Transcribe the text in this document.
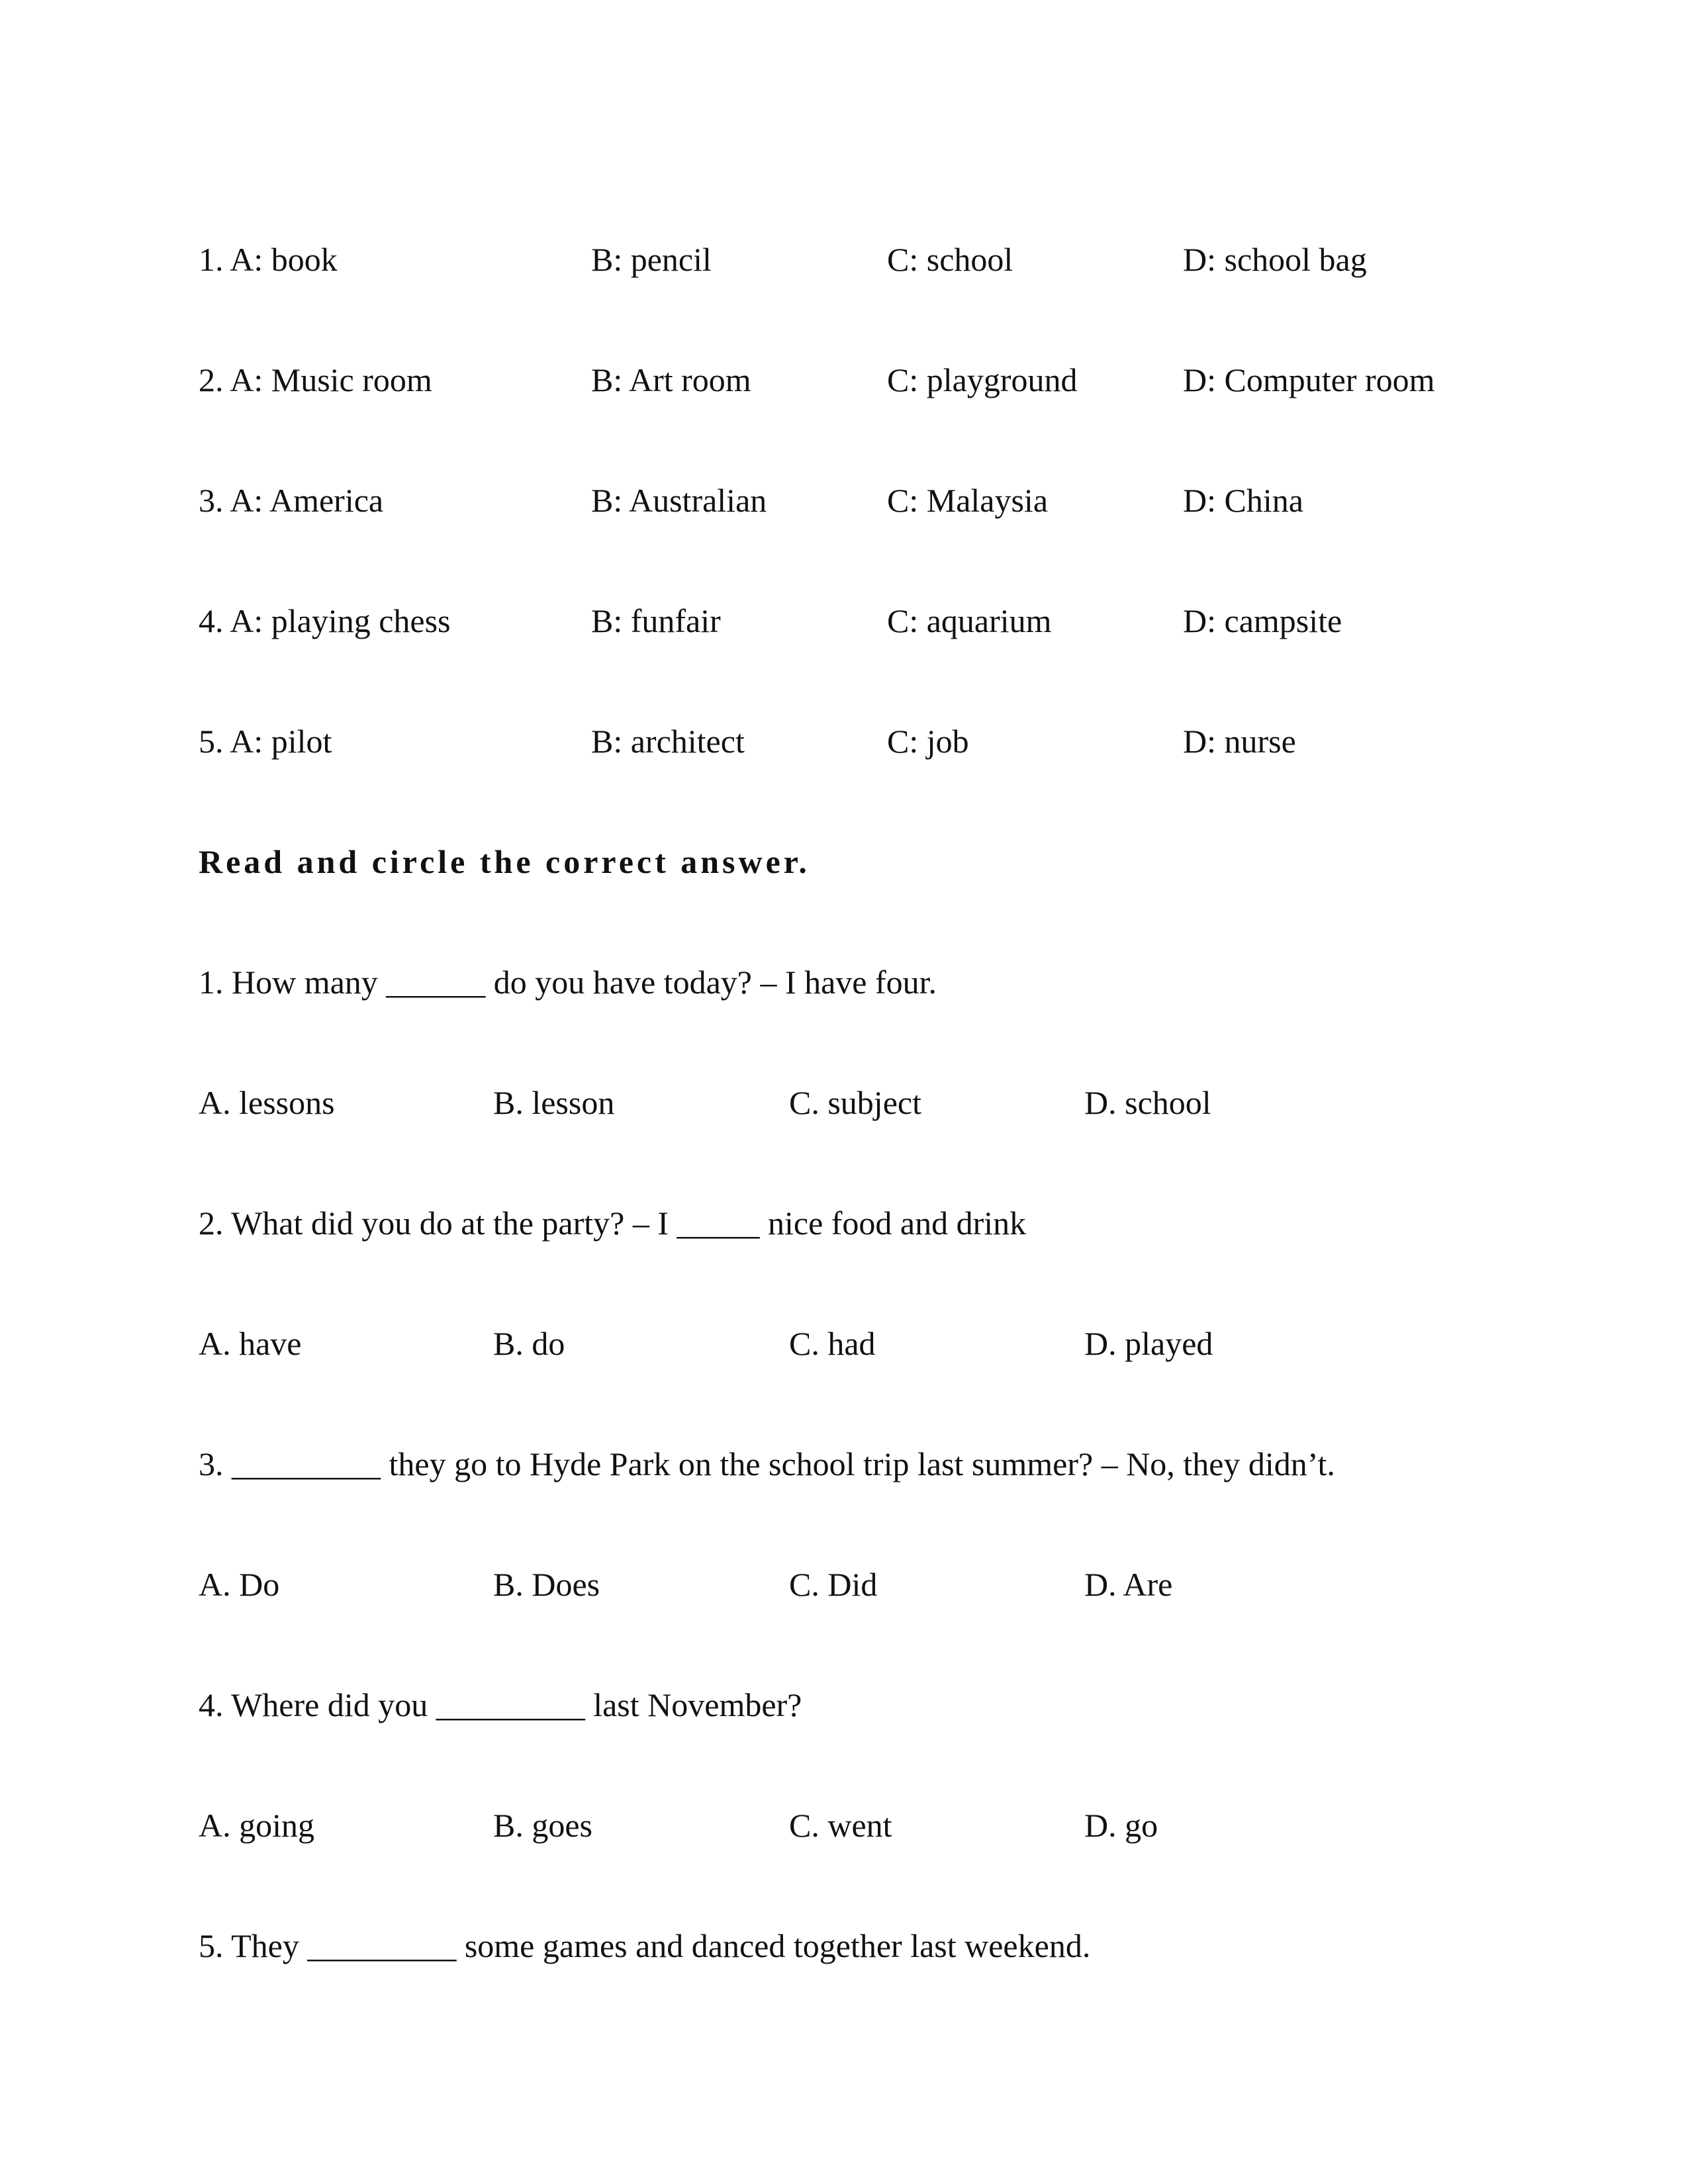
1. A: book	B: pencil	C: school	D: school bag
2. A: Music room	B: Art room	C: playground	D: Computer room
3. A: America	B: Australian	C: Malaysia	D: China
4. A: playing chess	B: funfair	C: aquarium	D: campsite
5. A: pilot	B: architect	C: job	D: nurse
Read and circle the correct answer.
1. How many ______ do you have today? – I have four.
A. lessons	B. lesson	C. subject	D. school
2. What did you do at the party? – I _____ nice food and drink
A. have	B. do	C. had	D. played
3. _________ they go to Hyde Park on the school trip last summer? – No, they didn’t.
A. Do	B. Does	C. Did	D. Are
4. Where did you _________ last November?
A. going	B. goes	C. went	D. go
5. They _________ some games and danced together last weekend.
